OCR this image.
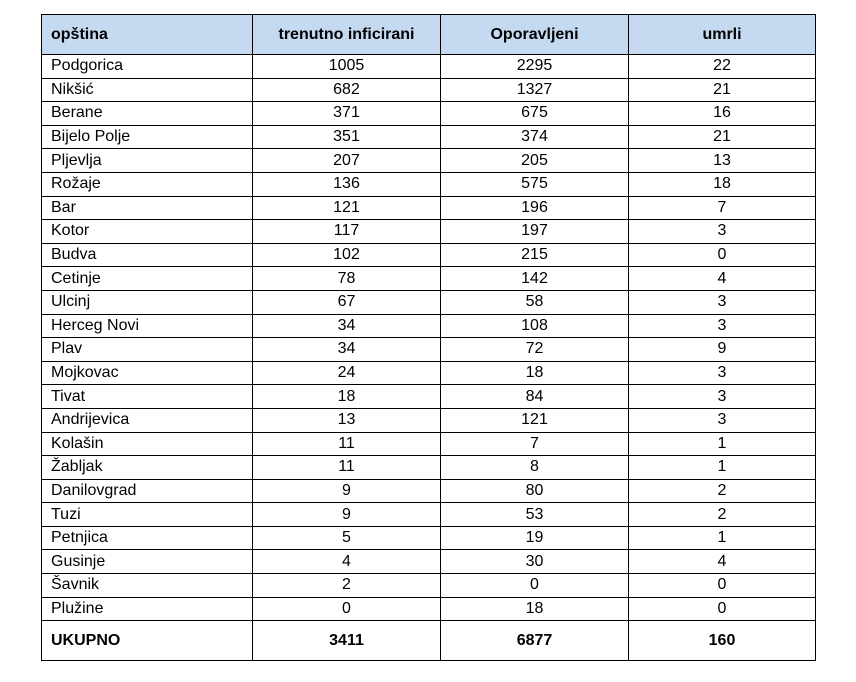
opština	trenutno inficirani	Oporavljeni	umrli
Podgorica	1005	2295	22
Nikšić	682	1327	21
Berane	371	675	16
Bijelo Polje	351	374	21
Pljevlja	207	205	13
Rožaje	136	575	18
Bar	121	196	7
Kotor	117	197	3
Budva	102	215	0
Cetinje	78	142	4
Ulcinj	67	58	3
Herceg Novi	34	108	3
Plav	34	72	9
Mojkovac	24	18	3
Tivat	18	84	3
Andrijevica	13	121	3
Kolašin	11	7	1
Žabljak	11	8	1
Danilovgrad	9	80	2
Tuzi	9	53	2
Petnjica	5	19	1
Gusinje	4	30	4
Šavnik	2	0	0
Plužine	0	18	0
UKUPNO	3411	6877	160
